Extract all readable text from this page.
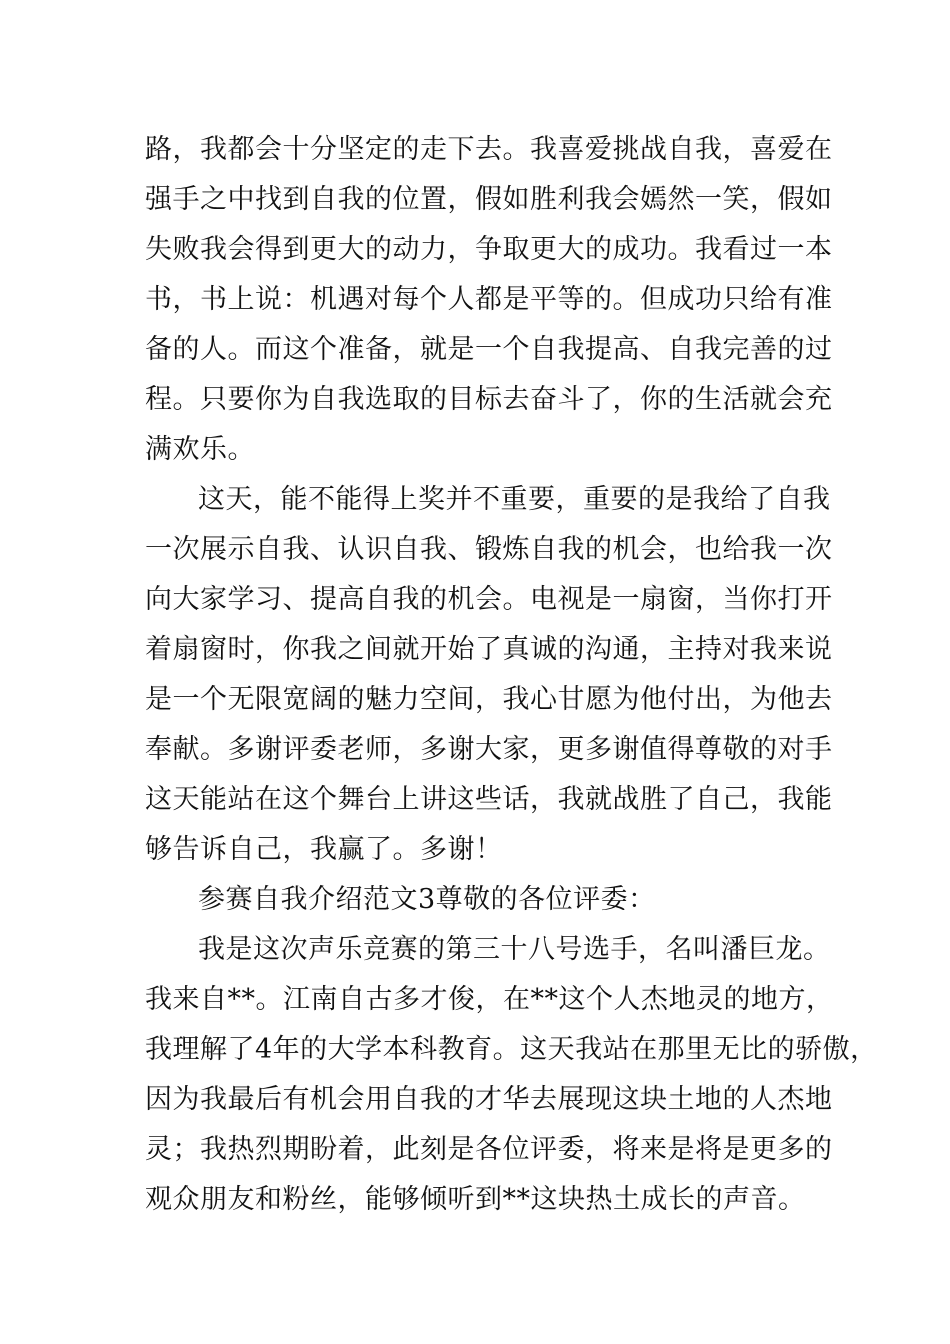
路，我都会十分坚定的走下去。我喜爱挑战自我，喜爱在
强手之中找到自我的位置，假如胜利我会嫣然一笑，假如
失败我会得到更大的动力，争取更大的成功。我看过一本
书，书上说：机遇对每个人都是平等的。但成功只给有准
备的人。而这个准备，就是一个自我提高、自我完善的过
程。只要你为自我选取的目标去奋斗了，你的生活就会充
满欢乐。
这天，能不能得上奖并不重要，重要的是我给了自我
一次展示自我、认识自我、锻炼自我的机会，也给我一次
向大家学习、提高自我的机会。电视是一扇窗，当你打开
着扇窗时，你我之间就开始了真诚的沟通，主持对我来说
是一个无限宽阔的魅力空间，我心甘愿为他付出，为他去
奉献。多谢评委老师，多谢大家，更多谢值得尊敬的对手
这天能站在这个舞台上讲这些话，我就战胜了自己，我能
够告诉自己，我赢了。多谢！
参赛自我介绍范文3尊敬的各位评委：
我是这次声乐竞赛的第三十八号选手，名叫潘巨龙。
我来自**。江南自古多才俊，在**这个人杰地灵的地方，
我理解了4年的大学本科教育。这天我站在那里无比的骄傲，
因为我最后有机会用自我的才华去展现这块土地的人杰地
灵；我热烈期盼着，此刻是各位评委，将来是将是更多的
观众朋友和粉丝，能够倾听到**这块热土成长的声音。
